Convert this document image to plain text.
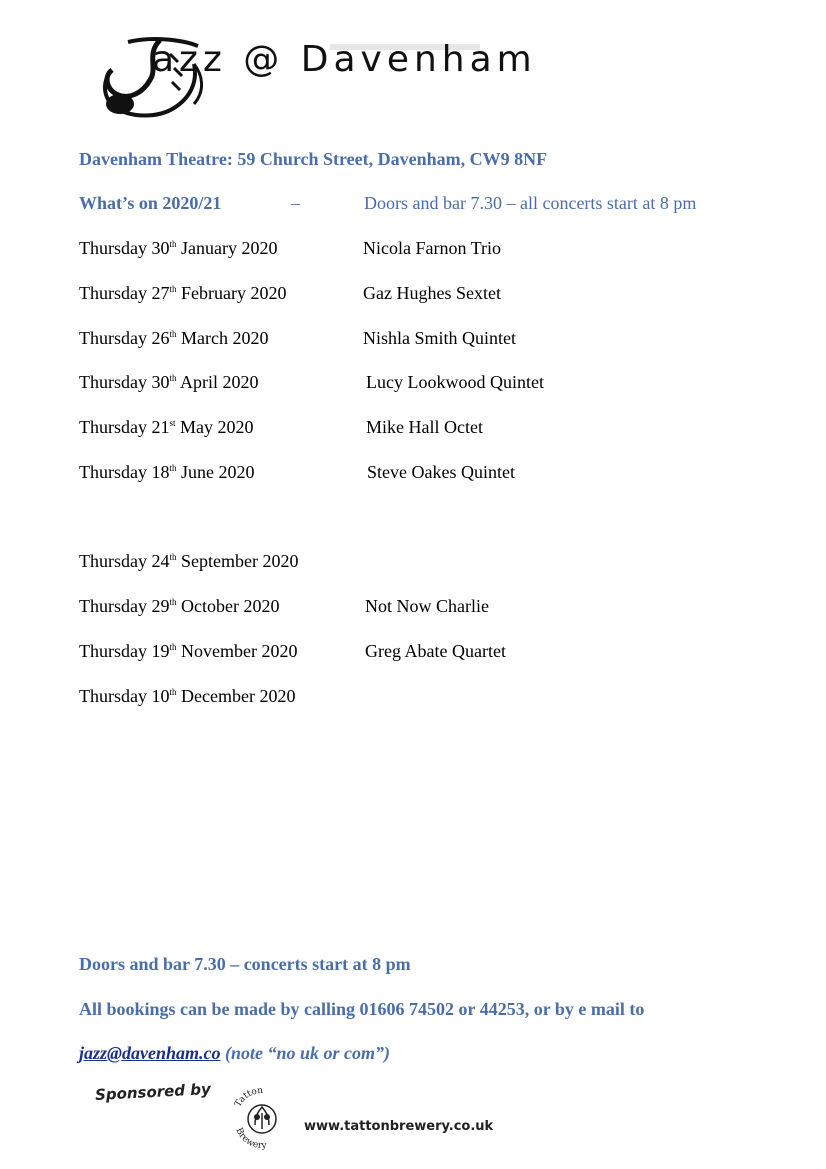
azz @ Davenham
Davenham Theatre: 59 Church Street, Davenham, CW9 8NF
What’s on 2020/21	–	Doors and bar 7.30 – all concerts start at 8 pm
Thursday 30th January 2020	Nicola Farnon Trio
Thursday 27th February 2020	Gaz Hughes Sextet
Thursday 26th March 2020	Nishla Smith Quintet
Thursday 30th April 2020	Lucy Lookwood Quintet
Thursday 21st May 2020	Mike Hall Octet
Thursday 18th June 2020	Steve Oakes Quintet
Thursday 24th September 2020
Thursday 29th October 2020	Not Now Charlie
Thursday 19th November 2020	Greg Abate Quartet
Thursday 10th December 2020
Doors and bar 7.30 – concerts start at 8 pm
All bookings can be made by calling 01606 74502 or 44253, or by e mail to
jazz@davenham.co (note “no uk or com”)
Sponsored by Tatton
Brewery
Tatton Brewery
www.tattonbrewery.co.uk
